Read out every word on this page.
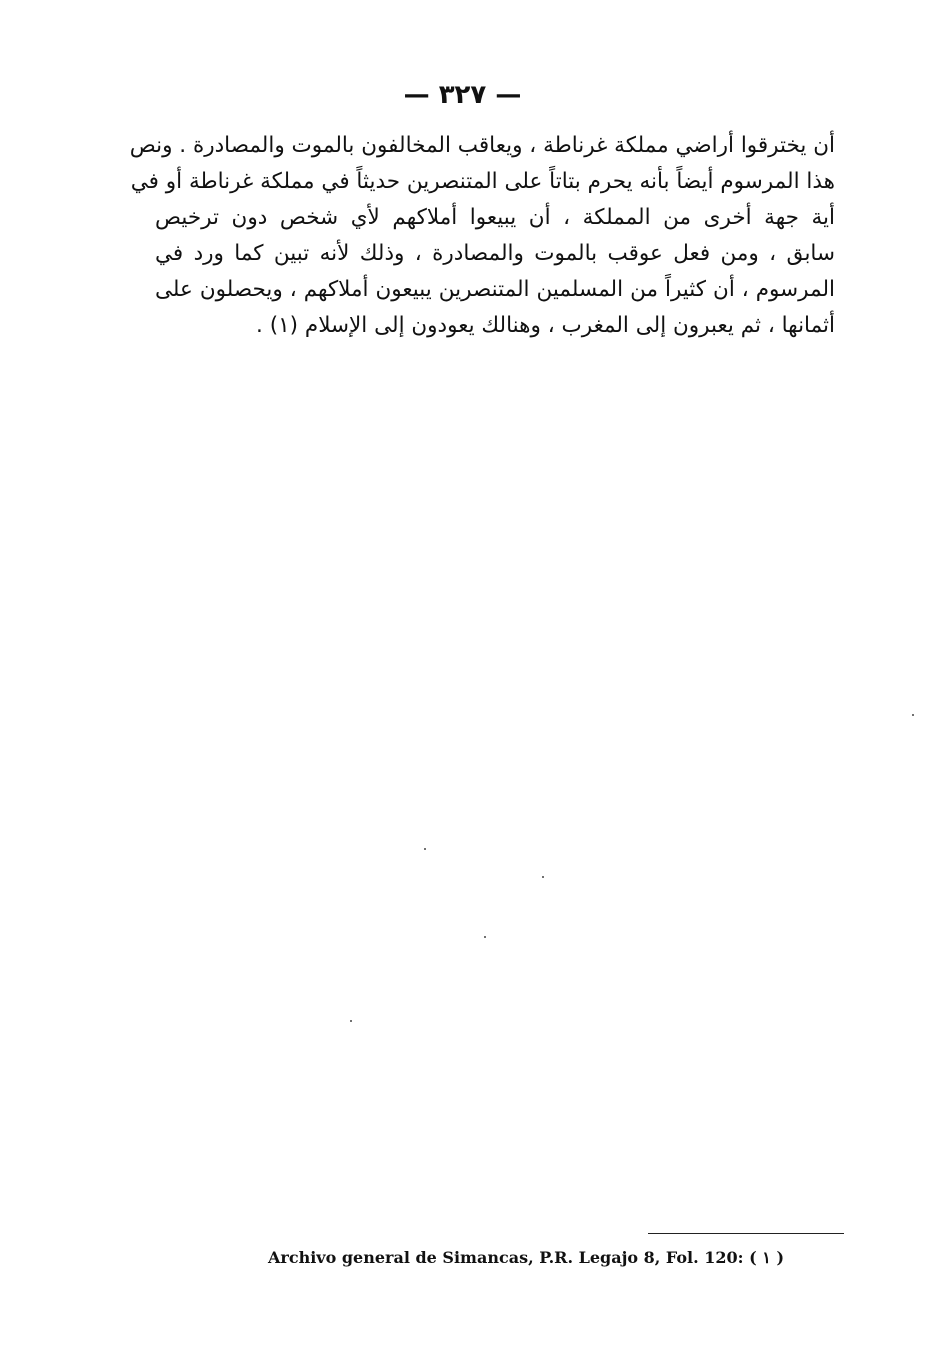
— ٣٢٧ —
أن يخترقوا أراضي مملكة غرناطة ، ويعاقب المخالفون بالموت والمصادرة . ونص
هذا المرسوم أيضاً بأنه يحرم بتاتاً على المتنصرين حديثاً في مملكة غرناطة أو في
أية جهة أخرى من المملكة ، أن يبيعوا أملاكهم لأي شخص دون ترخيص
سابق ، ومن فعل عوقب بالموت والمصادرة ، وذلك لأنه تبين كما ورد في
المرسوم ، أن كثيراً من المسلمين المتنصرين يبيعون أملاكهم ، ويحصلون على
أثمانها ، ثم يعبرون إلى المغرب ، وهنالك يعودون إلى الإسلام (١) .
Archivo general de Simancas, P.R. Legajo 8, Fol. 120: ( ١ )
